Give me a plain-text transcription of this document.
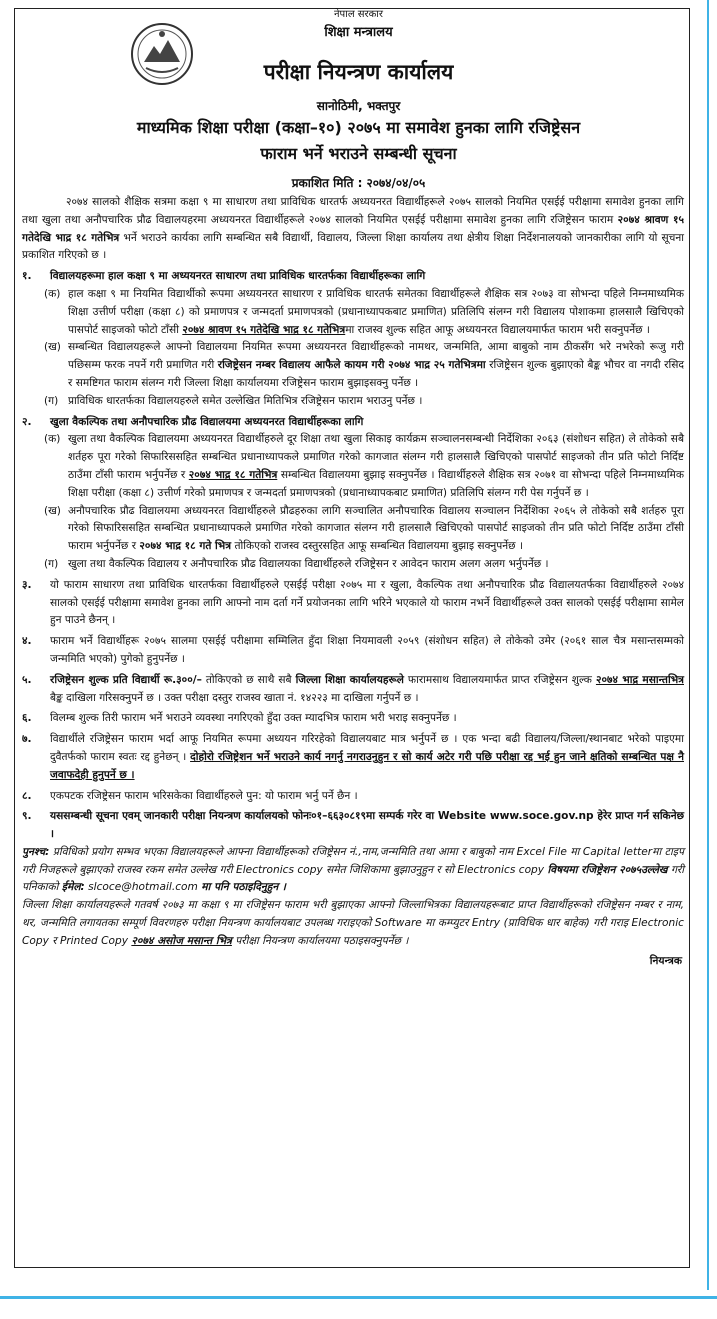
नेपाल सरकार
शिक्षा मन्त्रालय
परीक्षा नियन्त्रण कार्यालय
सानोठिमी, भक्तपुर
माध्यमिक शिक्षा परीक्षा (कक्षा–१०) २०७५ मा समावेश हुनका लागि रजिष्ट्रेसन
फाराम भर्ने भराउने सम्बन्धी सूचना
प्रकाशित मिति : २०७४/०४/०५

२०७४ सालको शैक्षिक सत्रमा कक्षा ९ मा साधारण तथा प्राविधिक धारतर्फ अध्ययनरत विद्यार्थीहरूले २०७५ सालको नियमित एसईई परीक्षामा समावेश हुनका लागि तथा खुला तथा अनौपचारिक प्रौढ विद्यालयहरमा अध्ययनरत विद्यार्थीहरूले २०७४ सालको नियमित एसईई परीक्षामा समावेश हुनका लागि रजिष्ट्रेसन फाराम २०७४ श्रावण १५ गतेदेखि भाद्र १८ गतेभित्र भर्ने भराउने कार्यका लागि सम्बन्धित सबै विद्यार्थी, विद्यालय, जिल्ला शिक्षा कार्यालय तथा क्षेत्रीय शिक्षा निर्देशनालयको जानकारीका लागि यो सूचना प्रकाशित गरिएको छ ।

१.	विद्यालयहरूमा हाल कक्षा ९ मा अध्ययनरत साधारण तथा प्राविधिक धारतर्फका विद्यार्थीहरूका लागि
(क) हाल कक्षा ९ मा नियमित विद्यार्थीको रूपमा अध्ययनरत साधारण र प्राविधिक धारतर्फ समेतका विद्यार्थीहरूले शैक्षिक सत्र २०७३ वा सोभन्दा पहिले निम्नमाध्यमिक शिक्षा उत्तीर्ण परीक्षा (कक्षा ८) को प्रमाणपत्र र जन्मदर्ता प्रमाणपत्रको (प्रधानाध्यापकबाट प्रमाणित) प्रतिलिपि संलग्न गरी विद्यालय पोशाकमा हालसालै खिचिएको पासपोर्ट साइजको फोटो टाँसी २०७४ श्रावण १५ गतेदेखि भाद्र १८ गतेभित्रमा राजस्व शुल्क सहित आफू अध्ययनरत विद्यालयमार्फत फाराम भरी सक्नुपर्नेछ ।
(ख) सम्बन्धित विद्यालयहरूले आफ्नो विद्यालयमा नियमित रूपमा अध्ययनरत विद्यार्थीहरूको नामथर, जन्ममिति, आमा बाबुको नाम ठीकसँग भरे नभरेको रूजु गरी पछिसम्म फरक नपर्ने गरी प्रमाणित गरी रजिष्ट्रेसन नम्बर विद्यालय आफैले कायम गरी २०७४ भाद्र २५ गतेभित्रमा रजिष्ट्रेसन शुल्क बुझाएको बैङ्क भौचर वा नगदी रसिद र समष्टिगत फाराम संलग्न गरी जिल्ला शिक्षा कार्यालयमा रजिष्ट्रेसन फाराम बुझाइसक्नु पर्नेछ ।
(ग) प्राविधिक धारतर्फका विद्यालयहरुले समेत उल्लेखित मितिभित्र रजिष्ट्रेसन फाराम भराउनु पर्नेछ ।
२.	खुला वैकल्पिक तथा अनौपचारिक प्रौढ विद्यालयमा अध्ययनरत विद्यार्थीहरूका लागि
(क) खुला तथा वैकल्पिक विद्यालयमा अध्ययनरत विद्यार्थीहरुले दूर शिक्षा तथा खुला सिकाइ कार्यक्रम सञ्चालनसम्बन्धी निर्देशिका २०६३ (संशोधन सहित) ले तोकेको सबै शर्तहरु पूरा गरेको सिफारिससहित सम्बन्धित प्रधानाध्यापकले प्रमाणित गरेको कागजात संलग्न गरी हालसालै खिचिएको पासपोर्ट साइजको तीन प्रति फोटो निर्दिष्ट ठाउँमा टाँसी फाराम भर्नुपर्नेछ र २०७४ भाद्र १८ गतेभित्र सम्बन्धित विद्यालयमा बुझाइ सक्नुपर्नेछ । विद्यार्थीहरुले शैक्षिक सत्र २०७१ वा सोभन्दा पहिले निम्नमाध्यमिक शिक्षा परीक्षा (कक्षा ८) उत्तीर्ण गरेको प्रमाणपत्र र जन्मदर्ता प्रमाणपत्रको (प्रधानाध्यापकबाट प्रमाणित) प्रतिलिपि संलग्न गरी पेस गर्नुपर्ने छ ।
(ख) अनौपचारिक प्रौढ विद्यालयमा अध्ययनरत विद्यार्थीहरुले प्रौढहरुका लागि सञ्चालित अनौपचारिक विद्यालय सञ्चालन निर्देशिका २०६५ ले तोकेको सबै शर्तहरु पूरा गरेको सिफारिससहित सम्बन्धित प्रधानाध्यापकले प्रमाणित गरेको कागजात संलग्न गरी हालसालै खिचिएको पासपोर्ट साइजको तीन प्रति फोटो निर्दिष्ट ठाउँमा टाँसी फाराम भर्नुपर्नेछ र २०७४ भाद्र १८ गते भित्र तोकिएको राजस्व दस्तुरसहित आफू सम्बन्धित विद्यालयमा बुझाइ सक्नुपर्नेछ ।
(ग) खुला तथा वैकल्पिक विद्यालय र अनौपचारिक प्रौढ विद्यालयका विद्यार्थीहरुले रजिष्ट्रेसन र आवेदन फाराम अलग अलग भर्नुपर्नेछ ।
३.	यो फाराम साधारण तथा प्राविधिक धारतर्फका विद्यार्थीहरुले एसईई परीक्षा २०७५ मा र खुला, वैकल्पिक तथा अनौपचारिक प्रौढ विद्यालयतर्फका विद्यार्थीहरुले २०७४ सालको एसईई परीक्षामा समावेश हुनका लागि आफ्नो नाम दर्ता गर्ने प्रयोजनका लागि भरिने भएकाले यो फाराम नभर्ने विद्यार्थीहरूले उक्त सालको एसईई परीक्षामा सामेल हुन पाउने छैनन् ।
४.	फाराम भर्ने विद्यार्थीहरू २०७५ सालमा एसईई परीक्षामा सम्मिलित हुँदा शिक्षा नियमावली २०५९ (संशोधन सहित) ले तोकेको उमेर (२०६१ साल चैत्र मसान्तसम्मको जन्ममिति भएको) पुगेको हुनुपर्नेछ ।
५.	रजिष्ट्रेसन शुल्क प्रति विद्यार्थी रू.३००/– तोकिएको छ साथै सबै जिल्ला शिक्षा कार्यालयहरूले फारामसाथ विद्यालयमार्फत प्राप्त रजिष्ट्रेसन शुल्क २०७४ भाद्र मसान्तभित्र बैङ्क दाखिला गरिसक्नुपर्ने छ । उक्त परीक्षा दस्तुर राजस्व खाता नं. १४२२३ मा दाखिला गर्नुपर्ने छ ।
६.	विलम्ब शुल्क तिरी फाराम भर्ने भराउने व्यवस्था नगरिएको हुँदा उक्त म्यादभित्र फाराम भरी भराइ सक्नुपर्नेछ ।
७.	विद्यार्थीले रजिष्ट्रेसन फाराम भर्दा आफू नियमित रूपमा अध्ययन गरिरहेको विद्यालयबाट मात्र भर्नुपर्ने छ । एक भन्दा बढी विद्यालय/जिल्ला/स्थानबाट भरेको पाइएमा दुवैतर्फको फाराम स्वतः रद्द हुनेछन् । दोहोरो रजिष्ट्रेशन भर्ने भराउने कार्य नगर्नु नगराउनुहुन र सो कार्य अटेर गरी पछि परीक्षा रद्द भई हुन जाने क्षतिको सम्बन्धित पक्ष नै जवाफदेही हुनुपर्ने छ ।
८.	एकपटक रजिष्ट्रेसन फाराम भरिसकेका विद्यार्थीहरुले पुन: यो फाराम भर्नु पर्ने छैन ।
९.	यससम्बन्धी सूचना एवम् जानकारी परीक्षा नियन्त्रण कार्यालयको फोनः०१–६६३०८१९मा सम्पर्क गरेर वा Website www.soce.gov.np हेरेर प्राप्त गर्न सकिनेछ ।

पुनश्च: प्रविधिको प्रयोग सम्भव भएका विद्यालयहरूले आफ्ना विद्यार्थीहरूको रजिष्ट्रेसन नं.,नाम,जन्ममिति तथा आमा र बाबुको नाम Excel File मा Capital letterमा टाइप गरी निजहरूले बुझाएको राजस्व रकम समेत उल्लेख गरी Electronics copy समेत जिशिकामा बुझाउनुहुन र सो Electronics copy विषयमा रजिष्ट्रेशन २०७५उल्लेख गरी पनिकाको ईमेल: slcoce@hotmail.com मा पनि पठाइदिनुहुन ।

जिल्ला शिक्षा कार्यालयहरूले गतवर्ष २०७३ मा कक्षा ९ मा रजिष्ट्रेसन फाराम भरी बुझाएका आफ्नो जिल्लाभित्रका विद्यालयहरूबाट प्राप्त विद्यार्थीहरूको रजिष्ट्रेसन नम्बर र नाम, थर, जन्ममिति लगायतका सम्पूर्ण विवरणहरु परीक्षा नियन्त्रण कार्यालयबाट उपलब्ध गराइएको Software मा कम्प्युटर Entry (प्राविधिक धार बाहेक) गरी गराइ Electronic Copy र Printed Copy २०७४ असोज मसान्त भित्र परीक्षा नियन्त्रण कार्यालयमा पठाइसक्नुपर्नेछ ।

नियन्त्रक
